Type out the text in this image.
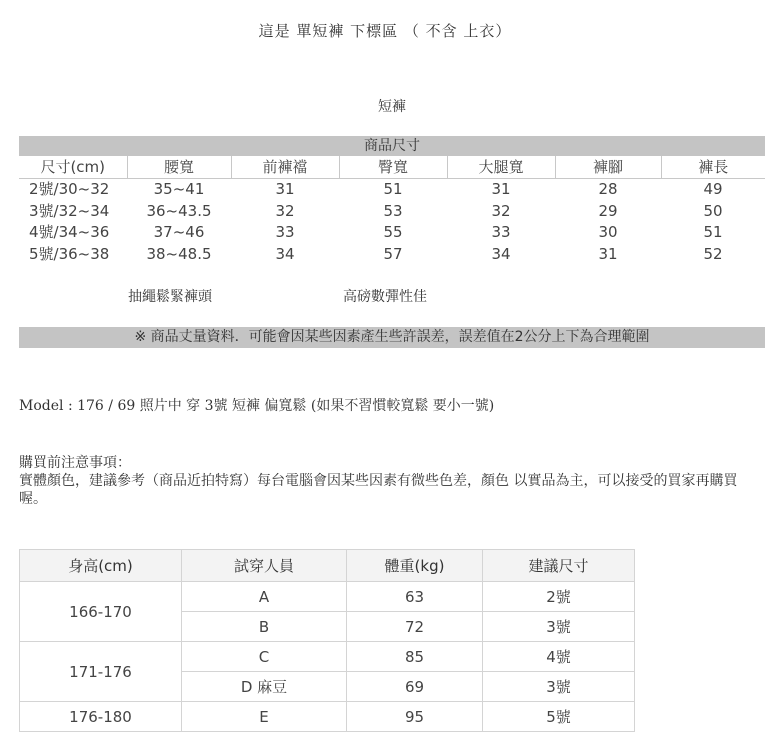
這是 單短褲 下標區 （ 不含 上衣）
短褲
商品尺寸						
尺寸(cm)	腰寬	前褲襠	臀寬	大腿寬	褲腳	褲長
2號/30~32	35~41	31	51	31	28	49
3號/32~34	36~43.5	32	53	32	29	50
4號/34~36	37~46	33	55	33	30	51
5號/36~38	38~48.5	34	57	34	31	52
抽繩鬆緊褲頭	高磅數彈性佳
※ 商品丈量資料．可能會因某些因素產生些許誤差，誤差值在2公分上下為合理範圍
Model : 176 / 69 照片中 穿 3號 短褲 偏寬鬆 (如果不習慣較寬鬆 要小一號)
購買前注意事項：
實體顏色，建議參考（商品近拍特寫）每台電腦會因某些因素有微些色差，顏色 以實品為主，可以接受的買家再購買喔。
身高(cm)	試穿人員	體重(kg)	建議尺寸
166-170	A	63	2號
	B	72	3號
171-176	C	85	4號
	D 麻豆	69	3號
176-180	E	95	5號
